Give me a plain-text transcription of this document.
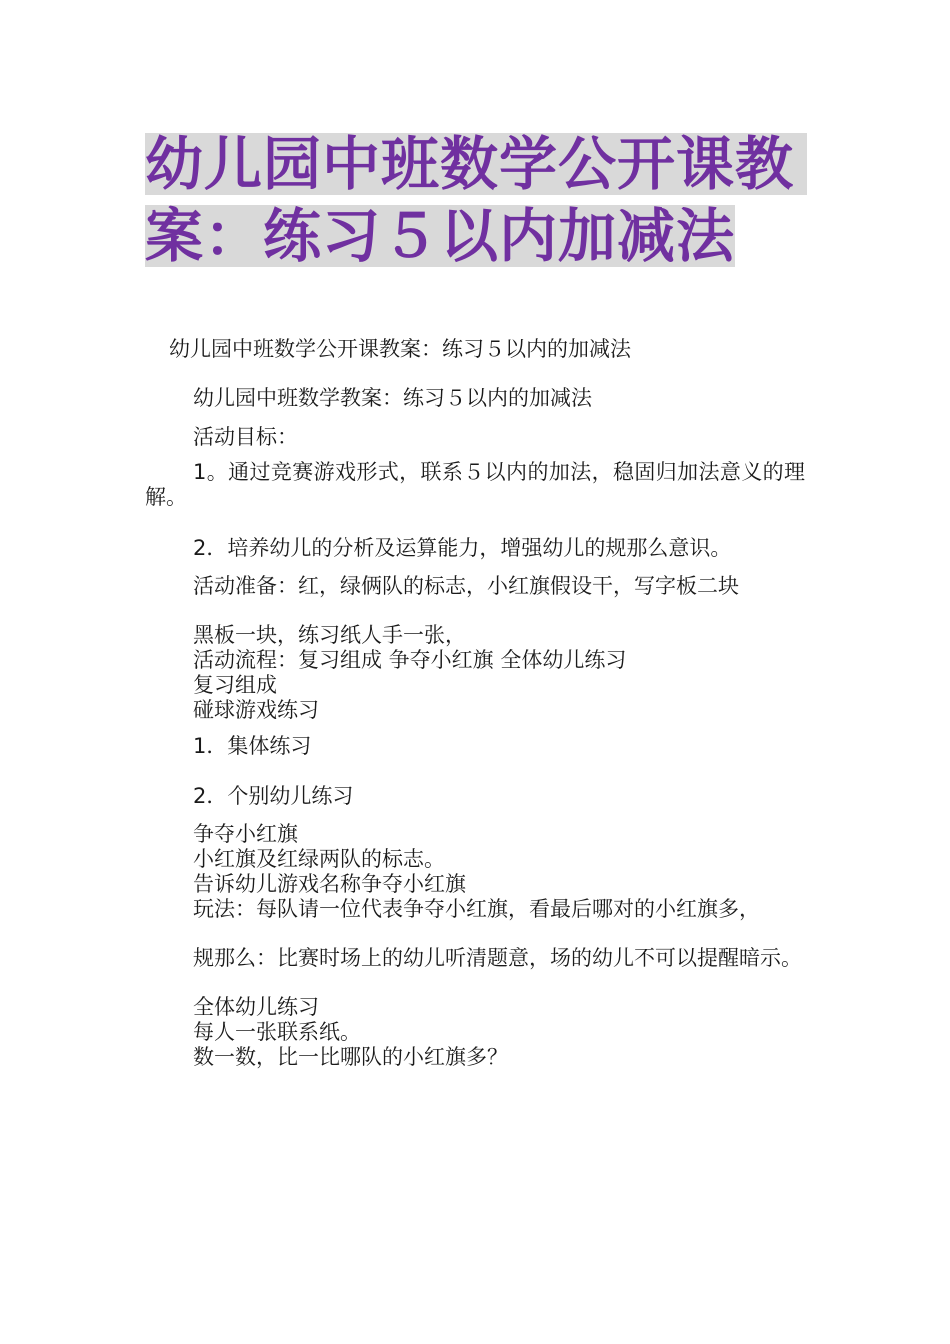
幼儿园中班数学公开课教
案：练习５以内加减法
幼儿园中班数学公开课教案：练习５以内的加减法
幼儿园中班数学教案：练习５以内的加减法
活动目标：
1。通过竞赛游戏形式，联系５以内的加法，稳固归加法意义的理解。
2．培养幼儿的分析及运算能力，增强幼儿的规那么意识。
活动准备：红，绿俩队的标志，小红旗假设干，写字板二块
黑板一块，练习纸人手一张，
活动流程：复习组成 争夺小红旗 全体幼儿练习
复习组成
碰球游戏练习
1．集体练习
2．个别幼儿练习
争夺小红旗
小红旗及红绿两队的标志。
告诉幼儿游戏名称争夺小红旗
玩法：每队请一位代表争夺小红旗，看最后哪对的小红旗多，
规那么：比赛时场上的幼儿听清题意，场的幼儿不可以提醒暗示。
全体幼儿练习
每人一张联系纸。
数一数，比一比哪队的小红旗多？
